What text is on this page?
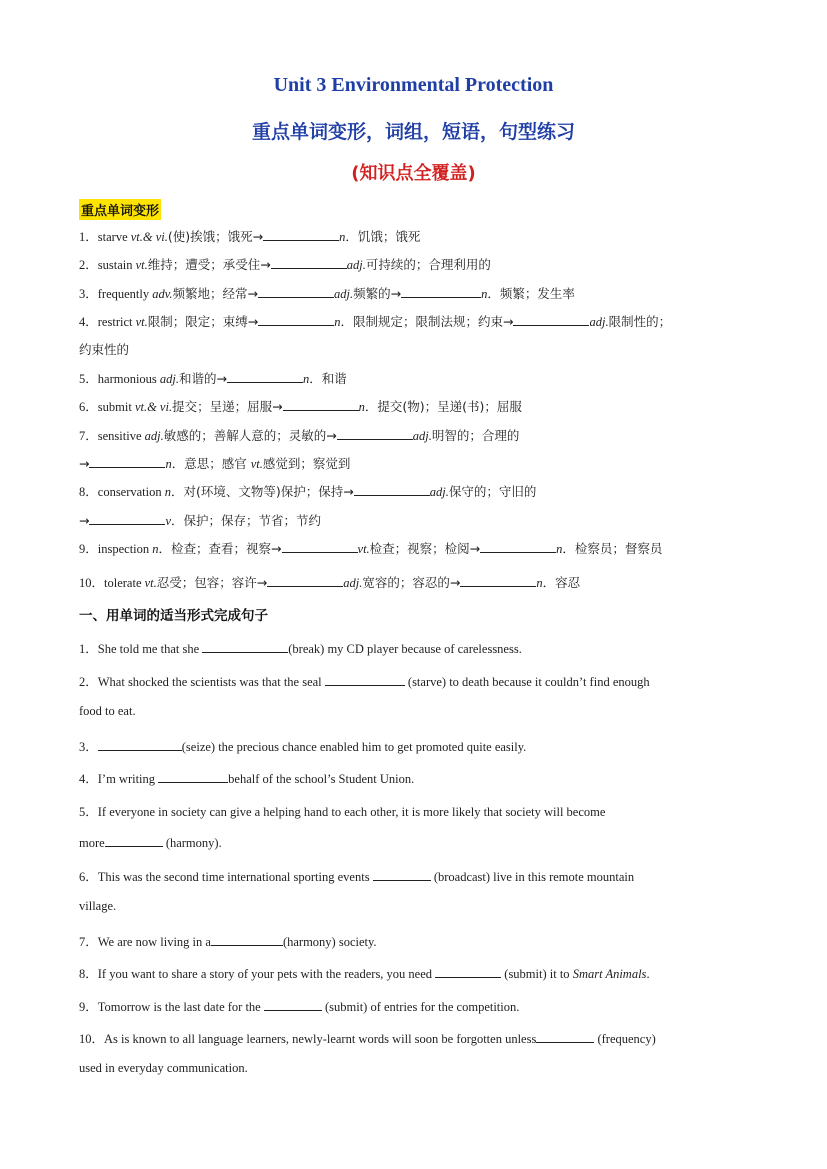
Unit 3 Environmental Protection
重点单词变形，词组，短语，句型练习
(知识点全覆盖)
重点单词变形
1．starve vt.& vi.(使)挨饿；饿死→	n．饥饿；饿死
2．sustain vt.维持；遭受；承受住→	adj.可持续的；合理利用的
3．frequently adv.频繁地；经常→	adj.频繁的→	n．频繁；发生率
4．restrict vt.限制；限定；束缚→	n．限制规定；限制法规；约束→	adj.限制性的；
约束性的
5．harmonious adj.和谐的→	n．和谐
6．submit vt.& vi.提交；呈递；屈服→	n．提交(物)；呈递(书)；屈服
7．sensitive adj.敏感的；善解人意的；灵敏的→	adj.明智的；合理的
→	n．意思；感官 vt.感觉到；察觉到
8．conservation n．对(环境、文物等)保护；保持→	adj.保守的；守旧的
→	v．保护；保存；节省；节约
9．inspection n．检查；查看；视察→	vt.检查；视察；检阅→	n．检察员；督察员
10．tolerate vt.忍受；包容；容许→	adj.宽容的；容忍的→	n．容忍
一、用单词的适当形式完成句子
1．She told me that she	(break) my CD player because of carelessness.
2．What shocked the scientists was that the seal	(starve) to death because it couldn’t find enough
food to eat.
3．	(seize) the precious chance enabled him to get promoted quite easily.
4．I’m writing	behalf of the school’s Student Union.
5．If everyone in society can give a helping hand to each other, it is more likely that society will become
more	(harmony).
6．This was the second time international sporting events	(broadcast) live in this remote mountain
village.
7．We are now living in a	(harmony) society.
8．If you want to share a story of your pets with the readers, you need	(submit) it to Smart Animals.
9．Tomorrow is the last date for the	(submit) of entries for the competition.
10．As is known to all language learners, newly-learnt words will soon be forgotten unless	(frequency)
used in everyday communication.
